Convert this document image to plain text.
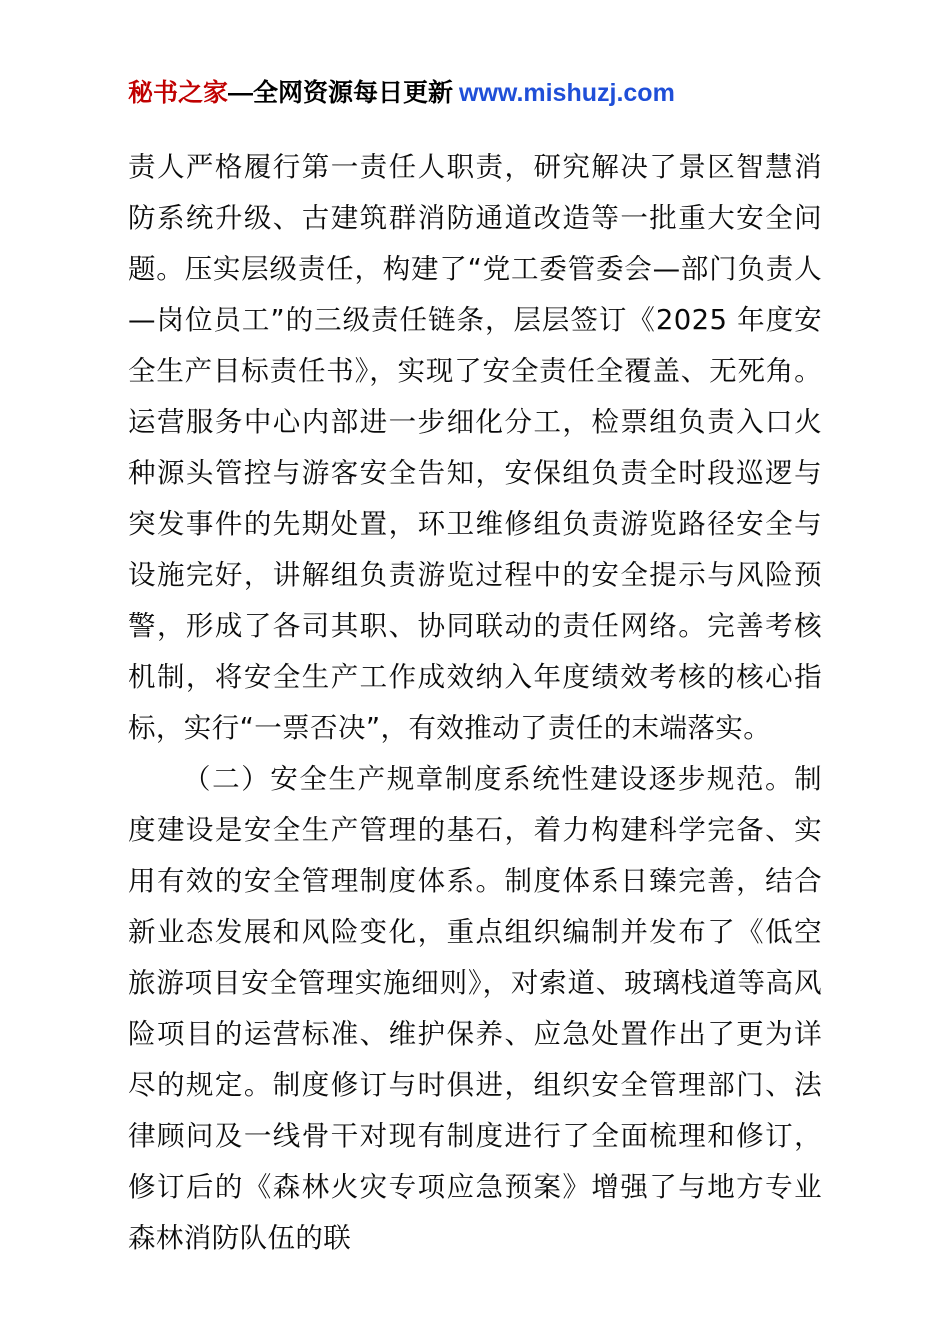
秘书之家—全网资源每日更新 www.mishuzj.com

责人严格履行第一责任人职责，研究解决了景区智慧消防系统升级、古建筑群消防通道改造等一批重大安全问题。压实层级责任，构建了“党工委管委会—部门负责人—岗位员工”的三级责任链条，层层签订《2025 年度安全生产目标责任书》，实现了安全责任全覆盖、无死角。运营服务中心内部进一步细化分工，检票组负责入口火种源头管控与游客安全告知，安保组负责全时段巡逻与突发事件的先期处置，环卫维修组负责游览路径安全与设施完好，讲解组负责游览过程中的安全提示与风险预警，形成了各司其职、协同联动的责任网络。完善考核机制，将安全生产工作成效纳入年度绩效考核的核心指标，实行“一票否决”，有效推动了责任的末端落实。

（二）安全生产规章制度系统性建设逐步规范。制度建设是安全生产管理的基石，着力构建科学完备、实用有效的安全管理制度体系。制度体系日臻完善，结合新业态发展和风险变化，重点组织编制并发布了《低空旅游项目安全管理实施细则》，对索道、玻璃栈道等高风险项目的运营标准、维护保养、应急处置作出了更为详尽的规定。制度修订与时俱进，组织安全管理部门、法律顾问及一线骨干对现有制度进行了全面梳理和修订，修订后的《森林火灾专项应急预案》增强了与地方专业森林消防队伍的联
